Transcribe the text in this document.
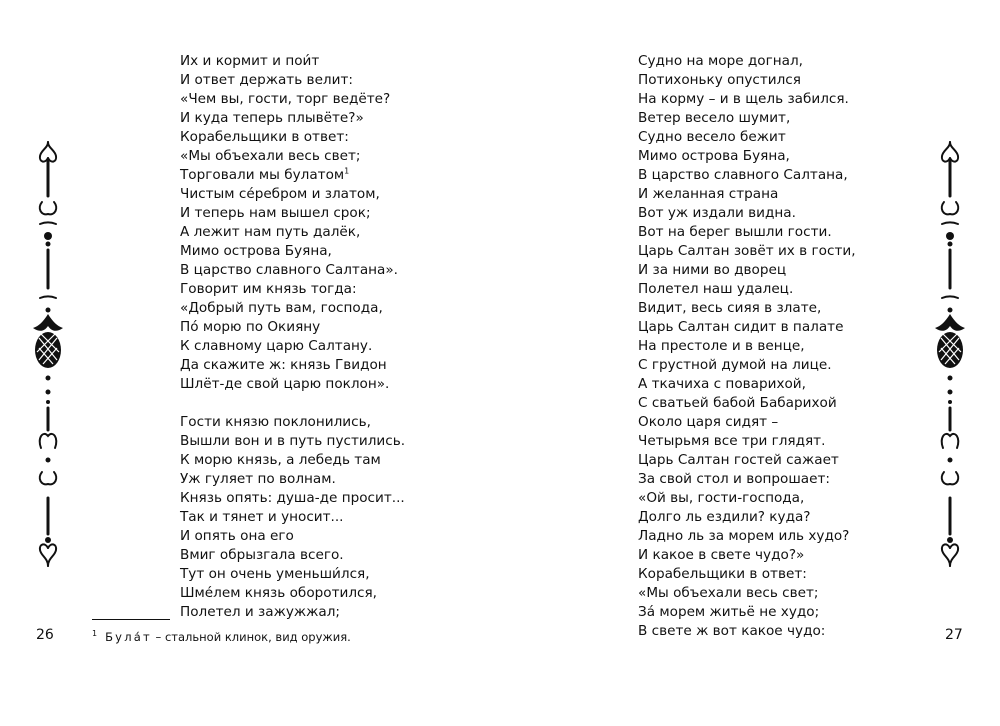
Их и кормит и пои́т
И ответ держать велит:
«Чем вы, гости, торг ведёте?
И куда теперь плывёте?»
Корабельщики в ответ:
«Мы объехали весь свет;
Торговали мы булатом$^1$
Чистым сéребром и златом,
И теперь нам вышел срок;
А лежит нам путь далёк,
Мимо острова Буяна,
В царство славного Салтана».
Говорит им князь тогда:
«Добрый путь вам, господа,
По́ морю по Окияну
К славному царю Салтану.
Да скажите ж: князь Гвидон
Шлёт-де свой царю поклон».
Гости князю поклонились,
Вышли вон и в путь пустились.
К морю князь, а лебедь там
Уж гуляет по волнам.
Князь опять: душа-де просит...
Так и тянет и уносит...
И опять она его
Вмиг обрызгала всего.
Тут он очень уменьши́лся,
Шмéлем князь оборотился,
Полетел и зажужжал;
$^1$ Була́т – стальной клинок, вид оружия.
26
Судно на море догнал,
Потихоньку опустился
На корму – и в щель забился.
Ветер весело шумит,
Судно весело бежит
Мимо острова Буяна,
В царство славного Салтана,
И желанная страна
Вот уж издали видна.
Вот на берег вышли гости.
Царь Салтан зовёт их в гости,
И за ними во дворец
Полетел наш удалец.
Видит, весь сияя в злате,
Царь Салтан сидит в палате
На престоле и в венце,
С грустной думой на лице.
А ткачиха с поварихой,
С сватьей бабой Бабарихой
Около царя сидят –
Четырьмя все три глядят.
Царь Салтан гостей сажает
За свой стол и вопрошает:
«Ой вы, гости-господа,
Долго ль ездили? куда?
Ладно ль за морем иль худо?
И какое в свете чудо?»
Корабельщики в ответ:
«Мы объехали весь свет;
За́ морем житьё не худо;
В свете ж вот какое чудо:	27
